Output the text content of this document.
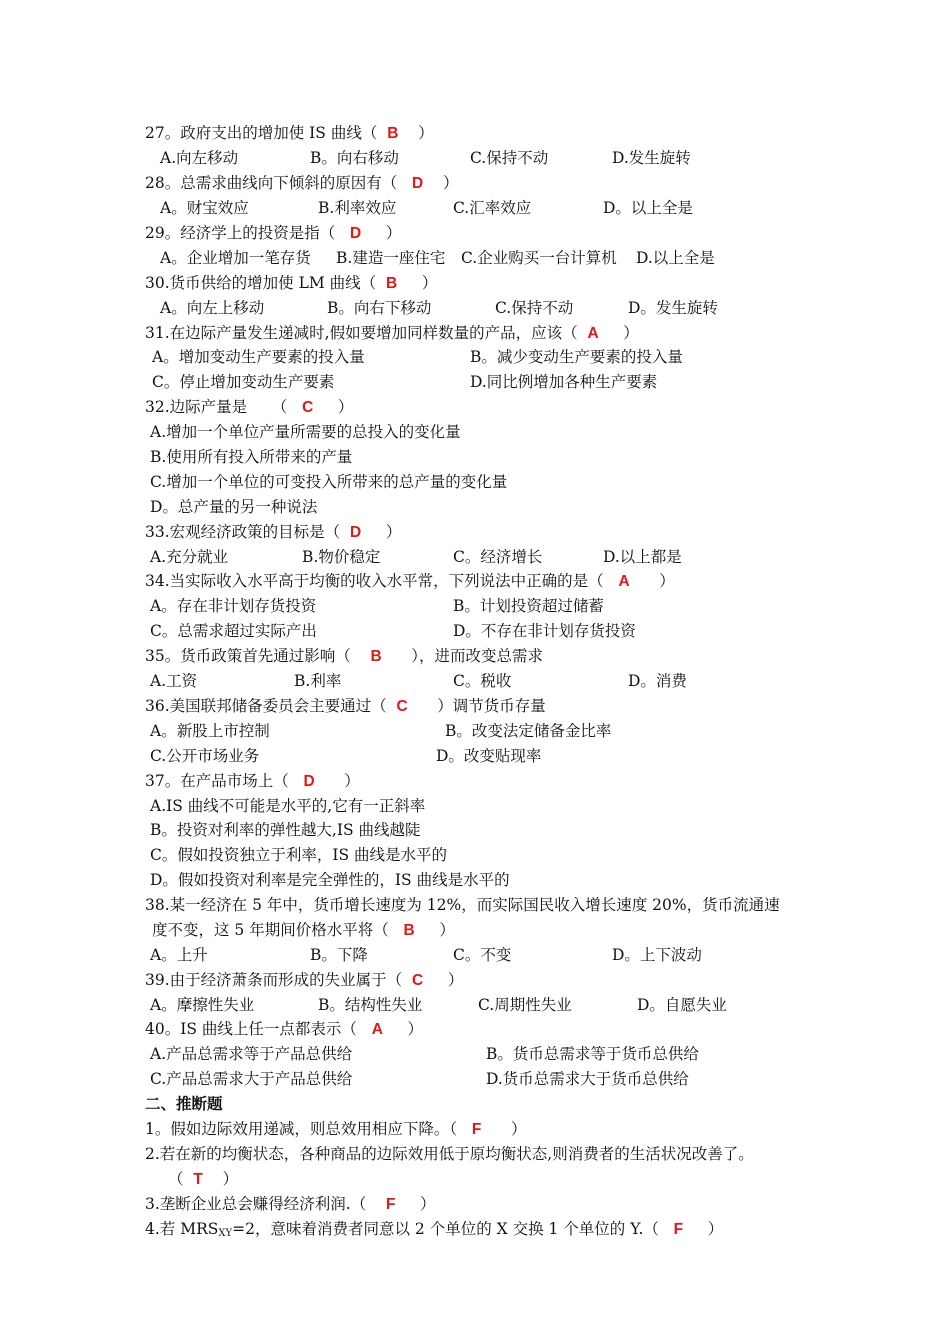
27。政府支出的增加使 IS 曲线（ B ）
A.向左移动	B。向右移动	C.保持不动	D.发生旋转
28。总需求曲线向下倾斜的原因有（ D ）
A。财宝效应	B.利率效应	C.汇率效应	D。以上全是
29。经济学上的投资是指（ D ）
A。企业增加一笔存货 B.建造一座住宅 C.企业购买一台计算机 D.以上全是
30.货币供给的增加使 LM 曲线（ B ）
A。向左上移动	B。向右下移动	C.保持不动	D。发生旋转
31.在边际产量发生递减时,假如要增加同样数量的产品，应该（ A ）
A。增加变动生产要素的投入量	B。减少变动生产要素的投入量
C。停止增加变动生产要素	D.同比例增加各种生产要素
32.边际产量是     （   C ）
A.增加一个单位产量所需要的总投入的变化量
B.使用所有投入所带来的产量
C.增加一个单位的可变投入所带来的总产量的变化量
D。总产量的另一种说法
33.宏观经济政策的目标是（ D ）
A.充分就业	B.物价稳定	C。经济增长	D.以上都是
34.当实际收入水平高于均衡的收入水平常，下列说法中正确的是（ A ）
A。存在非计划存货投资	B。计划投资超过储蓄
C。总需求超过实际产出	D。不存在非计划存货投资
35。货币政策首先通过影响（ B ），进而改变总需求
A.工资	B.利率	C。税收	D。消费
36.美国联邦储备委员会主要通过（ C ）调节货币存量
A。新股上市控制	B。改变法定储备金比率
C.公开市场业务	D。改变贴现率
37。在产品市场上（ D ）
A.IS 曲线不可能是水平的,它有一正斜率
B。投资对利率的弹性越大,IS 曲线越陡
C。假如投资独立于利率，IS 曲线是水平的
D。假如投资对利率是完全弹性的，IS 曲线是水平的
38.某一经济在 5 年中，货币增长速度为 12%，而实际国民收入增长速度 20%，货币流通速
度不变，这 5 年期间价格水平将（ B ）
A。上升	B。下降	C。不变	D。上下波动
39.由于经济萧条而形成的失业属于（ C ）
A。摩擦性失业	B。结构性失业	C.周期性失业	D。自愿失业
40。IS 曲线上任一点都表示（ A ）
A.产品总需求等于产品总供给	B。货币总需求等于货币总供给
C.产品总需求大于产品总供给	D.货币总需求大于货币总供给
二、推断题
1。假如边际效用递减，则总效用相应下降。（ F ）
2.若在新的均衡状态，各种商品的边际效用低于原均衡状态,则消费者的生活状况改善了。
（ T ）
3.垄断企业总会赚得经济利润.（ F ）
4.若 $MRS_{XY}=2$，意味着消费者同意以 2 个单位的 X 交换 1 个单位的 Y.（ F ）
